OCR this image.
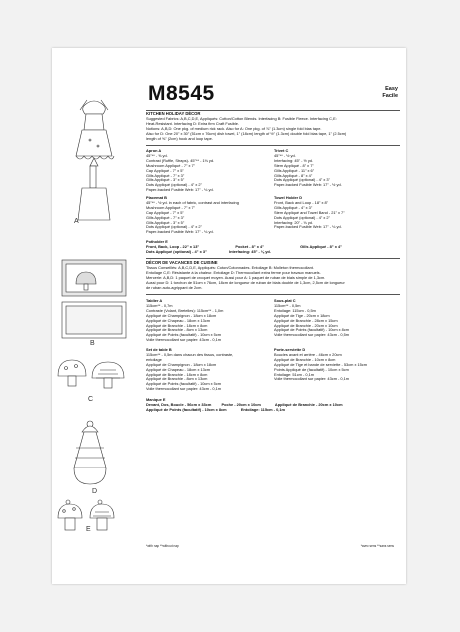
A
B
C
D
E
M8545	Easy
Facile
KITCHEN HOLIDAY DÉCOR
Suggested Fabrics: A,B,C,D,E, Appliqués: Cotton/Cotton Blends. Interfacing B: Fusible Fleece. Interfacing C,E:
Heat-Resistant. Interfacing D: Extra firm Craft Fusible.
Notions: A,B,D: One pkg. of medium rick rack. Also for A: One pkg. of ⅞" (1.3cm) single fold bias tape.
Also for D: One 20" x 30" (51cm x 76cm) dish towel, 1" (18cm) length of ½" (1.3cm) double fold bias tape, 1" (2.5cm)
length of ⅝" (2cm) hook and loop tape.
Apron A
45"** - ⅝ yd.
Contrast (Ruffle, Straps)- 45"** - 1⅛ yd.
Mushroom Appliqué - 7" x 7"
Cap Appliqué - 7" x 5"
Gills Appliqué - 7" x 3"
Gills Appliqué - 3" x 5"
Dots Appliqué (optional) - 4" x 2"
Paper-backed Fusible Web: 17" - ⅛ yd.
Trivet C
45"** - ½ yd.
Interfacing: 45" - ½ yd.
Stem Appliqué - 8" x 7"
Gills Appliqué - 11" x 6"
Gills Appliqué - 8" x 4"
Dots Appliqué (optional) - 4" x 3"
Paper-backed Fusible Web: 17" - ½ yd.
Placemat B
45"** - ½ yd. in each of fabric, contrast and interfacing
Mushroom Appliqué - 7" x 7"
Cap Appliqué - 7" x 5"
Gills Appliqué - 7" x 3"
Gills Appliqué - 3" x 5"
Dots Appliqué (optional) - 4" x 2"
Paper-backed Fusible Web: 17" - ⅛ yd.
Towel Holder D
Front, Back and Loop - 18" x 8"
Gills Appliqué - 4" x 3"
Stem Appliqué and Towel Band - 21" x 7"
Dots Appliqué (optional) - 4" x 2"
Interfacing: 20" - ⅛ yd.
Paper-backed Fusible Web: 17" - ⅛ yd.
Potholder E
Front, Back, Loop - 22" x 13"	Pocket - 8" x 4"	Gills Appliqué - 8" x 4"
Dots Appliqué (optional) - 4" x 3"	Interfacing: 45" - ⅛ yd.
DÉCOR DE VACANCES DE CUISINE
Tissus Conseillés: A,B,C,D,E, Appliqués: Coton/Cotonnades. Entoilage B: Molleton thermocollant.
Entoilage C,E: Résistante à la chaleur. Entoilage D: Thermocollant extra ferme pour travaux manuels.
Mercerie: A,B,D: 1 paquet de croquet moyen. Aussi pour A: 1 paquet de ruban de biais simple de 1,3cm.
Aussi pour D: 1 torchon de 51cm x 76cm, 18cm de longueur de ruban de biais double de 1,3cm, 2,5cm de longueur
de ruban auto-agrippant de 2cm.
Tablier A
115cm** - 0,7m
Contraste (Volant, Bretelles): 115cm** - 1,0m
Appliqué de Champignon - 18cm x 18cm
Appliqué de Chapeau - 18cm x 13cm
Appliqué de Branchie - 18cm x 8cm
Appliqué de Branchie - 8cm x 13cm
Appliqué de Points (facultatif) - 10cm x 5cm
Voile thermocollant sur papier: 43cm - 0,1m
Sous-plat C
115cm** - 0,5m
Entoilage: 115cm - 0,5m
Appliqué de Tige - 20cm x 18cm
Appliqué de Branchie - 28cm x 15cm
Appliqué de Branchie - 20cm x 10cm
Appliqué de Points (facultatif) - 10cm x 8cm
Voile thermocollant sur papier: 43cm - 0,5m
Set de table B
115cm** - 0,5m dans chacun des tissus, contraste,
entoilage
Appliqué de Champignon - 18cm x 18cm
Appliqué de Chapeau - 18cm x 13cm
Appliqué de Branchie - 18cm x 8cm
Appliqué de Branchie - 8cm x 13cm
Appliqué de Points (facultatif) - 10cm x 5cm
Voile thermocollant sur papier: 43cm - 0,1m
Porte-serviette D
Boucles avant et arrière - 46cm x 20cm
Appliqué de Branchie - 10cm x 8cm
Appliqué de Tige et bande de serviette - 53cm x 15cm
Points Appliqué de (facultatif) - 10cm x 5cm
Entoilage: 51cm - 0,1m
Voile thermocollant sur papier: 43cm - 0,1m
Manique E
Devant, Dos, Boucle - 56cm x 33cm	Poche - 20cm x 10cm	Appliqué de Branchie - 20cm x 10cm
Appliqué de Points (facultatif) - 10cm x 8cm	Entoilage: 115cm - 0,1m
*with nap **without nap	*avec sens **sans sens
